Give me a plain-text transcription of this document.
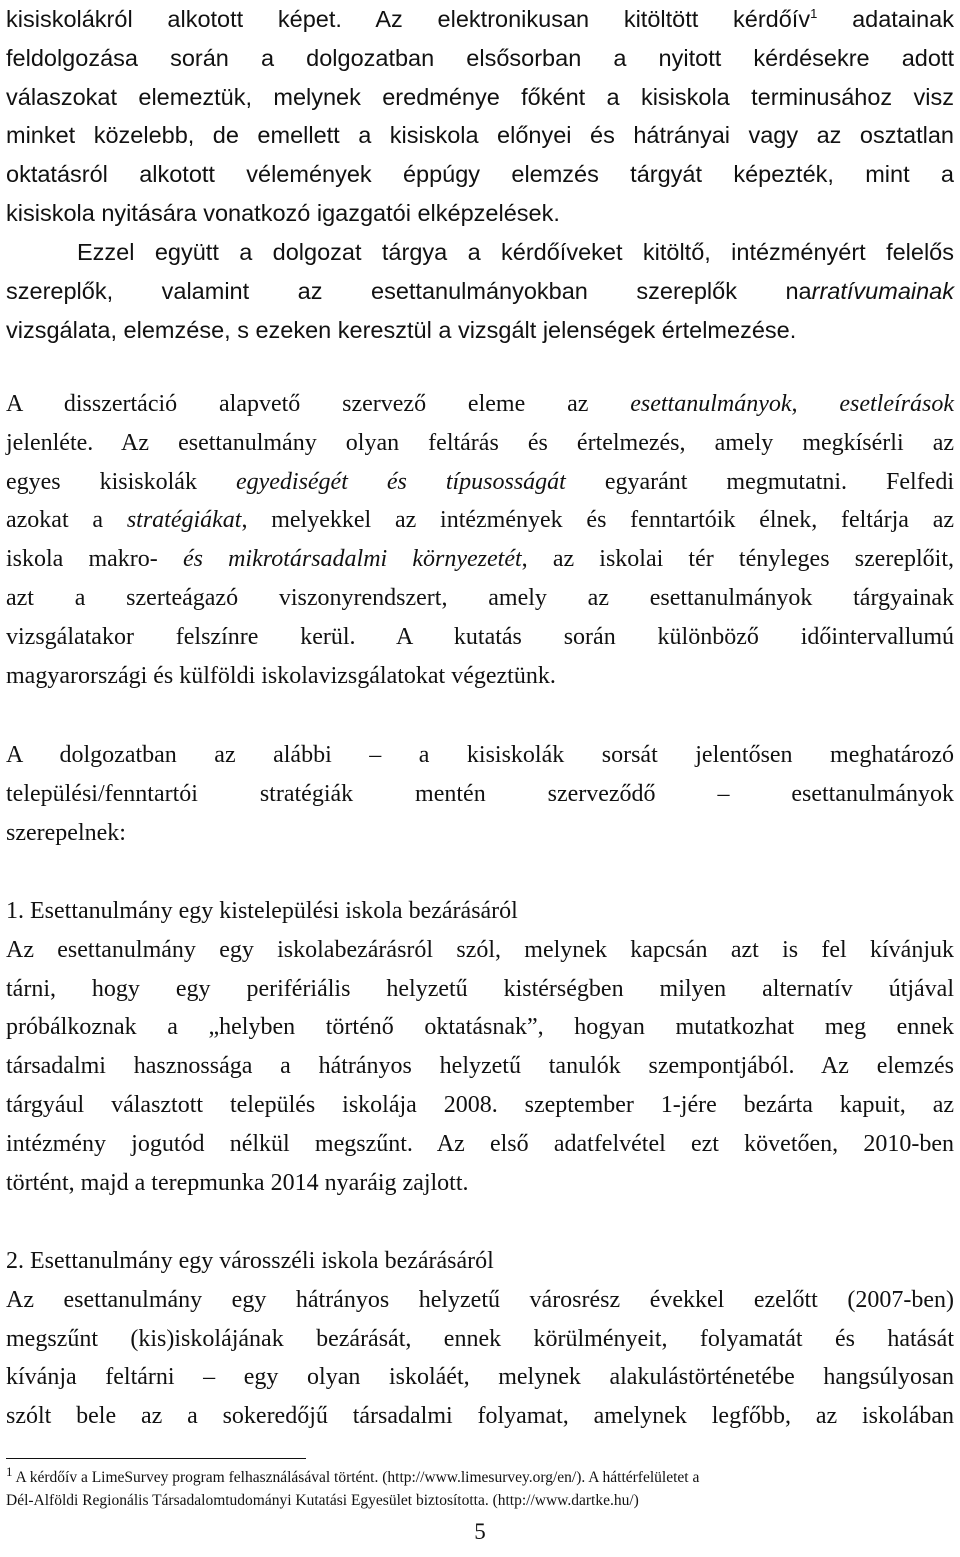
kisiskolákról alkotott képet. Az elektronikusan kitöltött kérdőív$^1$ adatainak
feldolgozása során a dolgozatban elsősorban a nyitott kérdésekre adott
válaszokat elemeztük, melynek eredménye főként a kisiskola terminusához visz
minket közelebb, de emellett a kisiskola előnyei és hátrányai vagy az osztatlan
oktatásról alkotott vélemények éppúgy elemzés tárgyát képezték, mint a
kisiskola nyitására vonatkozó igazgatói elképzelések.
Ezzel együtt a dolgozat tárgya a kérdőíveket kitöltő, intézményért felelős
szereplők, valamint az esettanulmányokban szereplők narratívumainak
vizsgálata, elemzése, s ezeken keresztül a vizsgált jelenségek értelmezése.
A disszertáció alapvető szervező eleme az esettanulmányok, esetleírások
jelenléte. Az esettanulmány olyan feltárás és értelmezés, amely megkísérli az
egyes kisiskolák egyediségét és típusosságát egyaránt megmutatni. Felfedi
azokat a stratégiákat, melyekkel az intézmények és fenntartóik élnek, feltárja az
iskola makro- és mikrotársadalmi környezetét, az iskolai tér tényleges szereplőit,
azt a szerteágazó viszonyrendszert, amely az esettanulmányok tárgyainak
vizsgálatakor felszínre kerül. A kutatás során különböző időintervallumú
magyarországi és külföldi iskolavizsgálatokat végeztünk.
A dolgozatban az alábbi – a kisiskolák sorsát jelentősen meghatározó
települési/fenntartói stratégiák mentén szerveződő – esettanulmányok
szerepelnek:
1. Esettanulmány egy kistelepülési iskola bezárásáról
Az esettanulmány egy iskolabezárásról szól, melynek kapcsán azt is fel kívánjuk
tárni, hogy egy perifériális helyzetű kistérségben milyen alternatív útjával
próbálkoznak a „helyben történő oktatásnak”, hogyan mutatkozhat meg ennek
társadalmi hasznossága a hátrányos helyzetű tanulók szempontjából. Az elemzés
tárgyául választott település iskolája 2008. szeptember 1-jére bezárta kapuit, az
intézmény jogutód nélkül megszűnt. Az első adatfelvétel ezt követően, 2010-ben
történt, majd a terepmunka 2014 nyaráig zajlott.
2. Esettanulmány egy városszéli iskola bezárásáról
Az esettanulmány egy hátrányos helyzetű városrész évekkel ezelőtt (2007-ben)
megszűnt (kis)iskolájának bezárását, ennek körülményeit, folyamatát és hatását
kívánja feltárni – egy olyan iskoláét, melynek alakulástörténetébe hangsúlyosan
szólt bele az a sokeredőjű társadalmi folyamat, amelynek legfőbb, az iskolában
$^1$ A kérdőív a LimeSurvey program felhasználásával történt. (http://www.limesurvey.org/en/). A háttérfelületet a
Dél-Alföldi Regionális Társadalomtudományi Kutatási Egyesület biztosította. (http://www.dartke.hu/)
5
